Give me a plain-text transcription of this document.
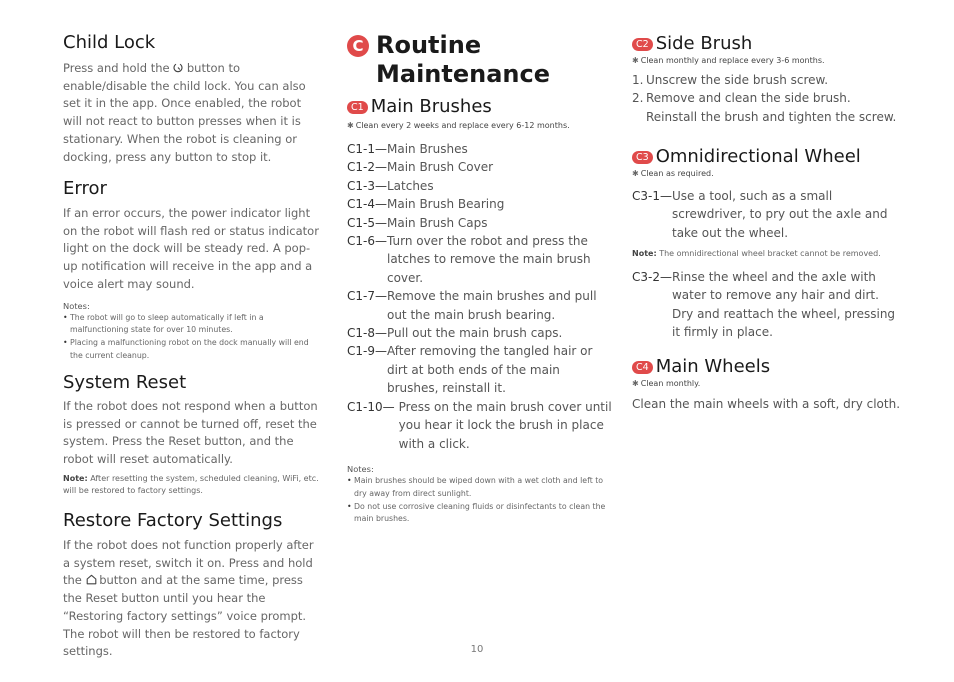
Child Lock

Press and hold the button to enable/disable the child lock. You can also set it in the app. Once enabled, the robot will not react to button presses when it is stationary. When the robot is cleaning or docking, press any button to stop it.

Error

If an error occurs, the power indicator light on the robot will flash red or status indicator light on the dock will be steady red. A pop-up notification will receive in the app and a voice alert may sound.

Notes:

• The robot will go to sleep automatically if left in a malfunctioning state for over 10 minutes.
• Placing a malfunctioning robot on the dock manually will end the current cleanup.
System Reset

If the robot does not respond when a button is pressed or cannot be turned off, reset the system. Press the Reset button, and the robot will reset automatically.

Note: After resetting the system, scheduled cleaning, WiFi, etc. will be restored to factory settings.

Restore Factory Settings

If the robot does not function properly after a system reset, switch it on. Press and hold the button and at the same time, press the Reset button until you hear the “Restoring factory settings” voice prompt. The robot will then be restored to factory settings.

C Routine Maintenance
C1 Main Brushes

✱ Clean every 2 weeks and replace every 6-12 months.

C1-1— Main Brushes
C1-2— Main Brush Cover
C1-3— Latches
C1-4— Main Brush Bearing
C1-5— Main Brush Caps
C1-6— Turn over the robot and press the latches to remove the main brush cover.
C1-7— Remove the main brushes and pull out the main brush bearing.
C1-8— Pull out the main brush caps.
C1-9— After removing the tangled hair or dirt at both ends of the main brushes, reinstall it.
C1-10— Press on the main brush cover until you hear it lock the brush in place with a click.

Notes:

• Main brushes should be wiped down with a wet cloth and left to dry away from direct sunlight.
• Do not use corrosive cleaning fluids or disinfectants to clean the main brushes.
C2 Side Brush

✱ Clean monthly and replace every 3-6 months.

1. Unscrew the side brush screw.
2. Remove and clean the side brush. Reinstall the brush and tighten the screw.
C3 Omnidirectional Wheel

✱ Clean as required.

C3-1— Use a tool, such as a small screwdriver, to pry out the axle and take out the wheel.

Note: The omnidirectional wheel bracket cannot be removed.

C3-2— Rinse the wheel and the axle with water to remove any hair and dirt. Dry and reattach the wheel, pressing it firmly in place.
C4 Main Wheels

✱ Clean monthly.

Clean the main wheels with a soft, dry cloth.

10
